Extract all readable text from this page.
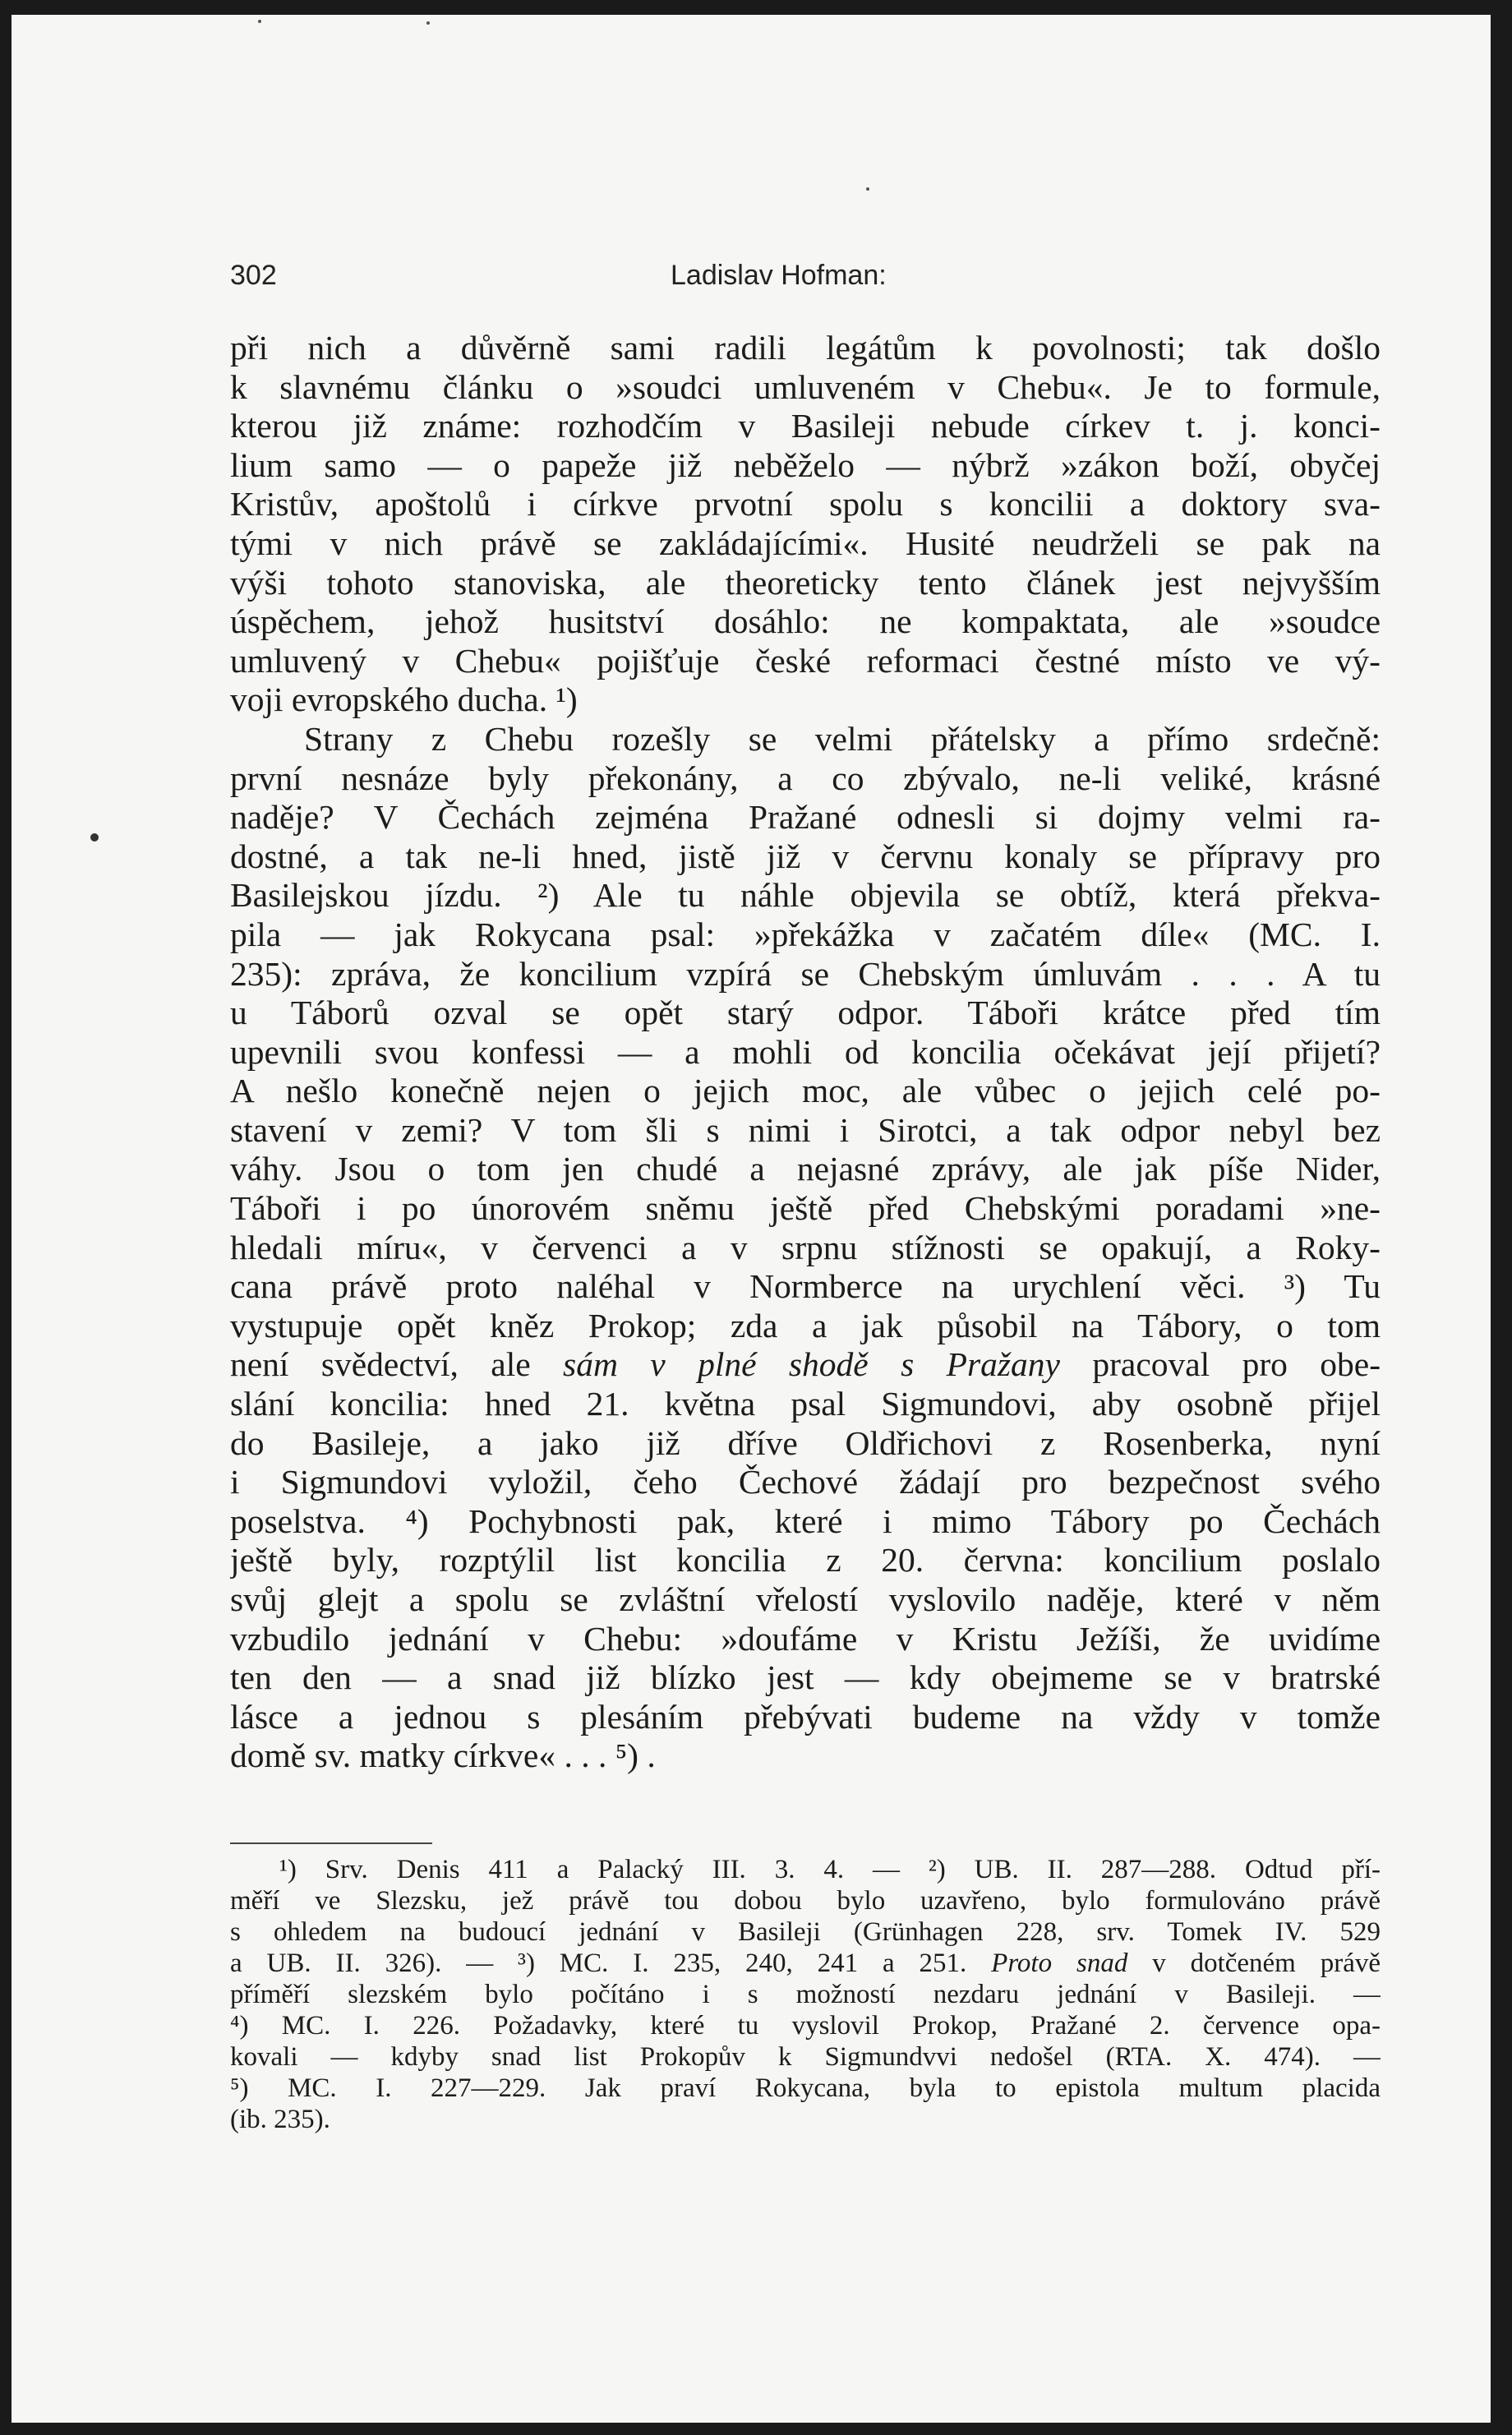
302	Ladislav Hofman:
při nich a důvěrně sami radili legátům k povolnosti; tak došlo
k slavnému článku o »soudci umluveném v Chebu«. Je to formule,
kterou již známe: rozhodčím v Basileji nebude církev t. j. konci-
lium samo — o papeže již neběželo — nýbrž »zákon boží, obyčej
Kristův, apoštolů i církve prvotní spolu s koncilii a doktory sva-
tými v nich právě se zakládajícími«. Husité neudrželi se pak na
výši tohoto stanoviska, ale theoreticky tento článek jest nejvyšším
úspěchem, jehož husitství dosáhlo: ne kompaktata, ale »soudce
umluvený v Chebu« pojišťuje české reformaci čestné místo ve vý-
voji evropského ducha. ¹)
Strany z Chebu rozešly se velmi přátelsky a přímo srdečně:
první nesnáze byly překonány, a co zbývalo, ne-li veliké, krásné
naděje? V Čechách zejména Pražané odnesli si dojmy velmi ra-
dostné, a tak ne-li hned, jistě již v červnu konaly se přípravy pro
Basilejskou jízdu. ²) Ale tu náhle objevila se obtíž, která překva-
pila — jak Rokycana psal: »překážka v začatém díle« (MC. I.
235): zpráva, že koncilium vzpírá se Chebským úmluvám . . . A tu
u Táborů ozval se opět starý odpor. Táboři krátce před tím
upevnili svou konfessi — a mohli od koncilia očekávat její přijetí?
A nešlo konečně nejen o jejich moc, ale vůbec o jejich celé po-
stavení v zemi? V tom šli s nimi i Sirotci, a tak odpor nebyl bez
váhy. Jsou o tom jen chudé a nejasné zprávy, ale jak píše Nider,
Táboři i po únorovém sněmu ještě před Chebskými poradami »ne-
hledali míru«, v červenci a v srpnu stížnosti se opakují, a Roky-
cana právě proto naléhal v Normberce na urychlení věci. ³) Tu
vystupuje opět kněz Prokop; zda a jak působil na Tábory, o tom
není svědectví, ale sám v plné shodě s Pražany pracoval pro obe-
slání koncilia: hned 21. května psal Sigmundovi, aby osobně přijel
do Basileje, a jako již dříve Oldřichovi z Rosenberka, nyní
i Sigmundovi vyložil, čeho Čechové žádají pro bezpečnost svého
poselstva. ⁴) Pochybnosti pak, které i mimo Tábory po Čechách
ještě byly, rozptýlil list koncilia z 20. června: koncilium poslalo
svůj glejt a spolu se zvláštní vřelostí vyslovilo naděje, které v něm
vzbudilo jednání v Chebu: »doufáme v Kristu Ježíši, že uvidíme
ten den — a snad již blízko jest — kdy obejmeme se v bratrské
lásce a jednou s plesáním přebývati budeme na vždy v tomže
domě sv. matky církve« . . . ⁵) .
¹) Srv. Denis 411 a Palacký III. 3. 4. — ²) UB. II. 287—288. Odtud pří-
měří ve Slezsku, jež právě tou dobou bylo uzavřeno, bylo formulováno právě
s ohledem na budoucí jednání v Basileji (Grünhagen 228, srv. Tomek IV. 529
a UB. II. 326). — ³) MC. I. 235, 240, 241 a 251. Proto snad v dotčeném právě
příměří slezském bylo počítáno i s možností nezdaru jednání v Basileji. —
⁴) MC. I. 226. Požadavky, které tu vyslovil Prokop, Pražané 2. července opa-
kovali — kdyby snad list Prokopův k Sigmundvvi nedošel (RTA. X. 474). —
⁵) MC. I. 227—229. Jak praví Rokycana, byla to epistola multum placida
(ib. 235).
